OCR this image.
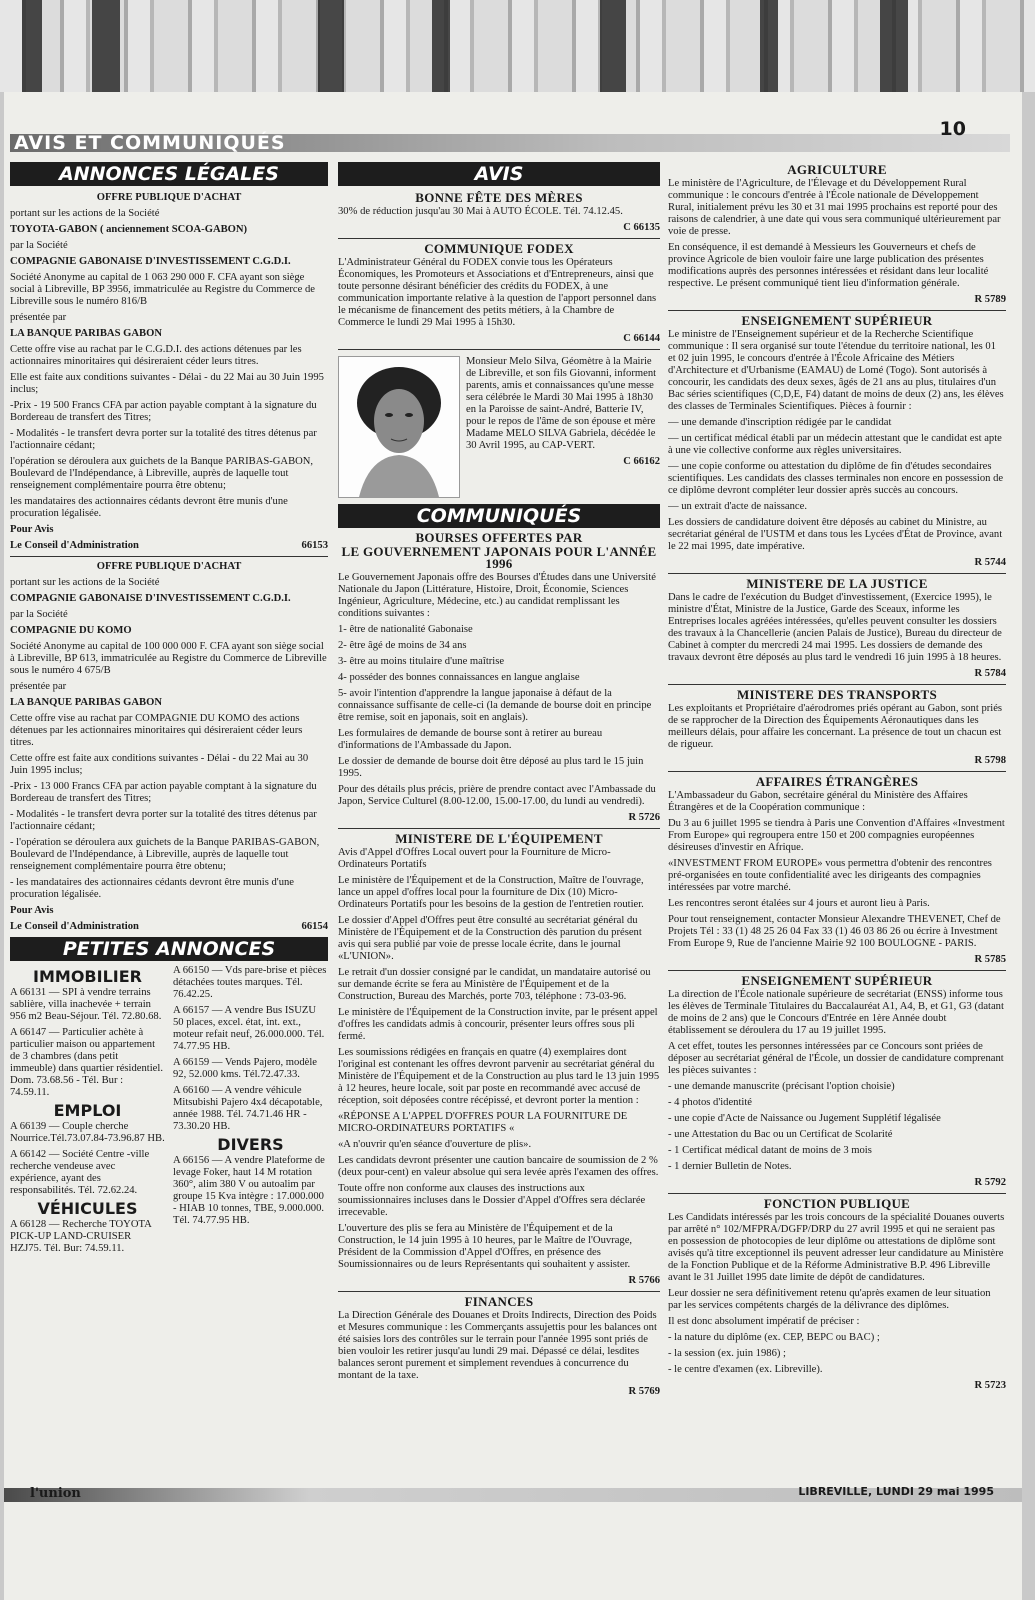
AVIS ET COMMUNIQUÉS
10
ANNONCES LÉGALES
OFFRE PUBLIQUE D'ACHAT

portant sur les actions de la Société

TOYOTA-GABON ( anciennement SCOA-GABON)

par la Société

COMPAGNIE GABONAISE D'INVESTISSEMENT C.G.D.I.

Société Anonyme au capital de 1 063 290 000 F. CFA ayant son siège social à Libreville, BP 3956, immatriculée au Registre du Commerce de Libreville sous le numéro 816/B

présentée par

LA BANQUE PARIBAS GABON

Cette offre vise au rachat par le C.G.D.I. des actions détenues par les actionnaires minoritaires qui désireraient céder leurs titres.

Elle est faite aux conditions suivantes - Délai - du 22 Mai au 30 Juin 1995 inclus;

-Prix - 19 500 Francs CFA par action payable comptant à la signature du Bordereau de transfert des Titres;

- Modalités - le transfert devra porter sur la totalité des titres détenus par l'actionnaire cédant;

l'opération se déroulera aux guichets de la Banque PARIBAS-GABON, Boulevard de l'Indépendance, à Libreville, auprès de laquelle tout renseignement complémentaire pourra être obtenu;

les mandataires des actionnaires cédants devront être munis d'une procuration légalisée.

Pour Avis

Le Conseil d'Administration	66153
OFFRE PUBLIQUE D'ACHAT

portant sur les actions de la Société

COMPAGNIE GABONAISE D'INVESTISSEMENT C.G.D.I.

par la Société

COMPAGNIE DU KOMO

Société Anonyme au capital de 100 000 000 F. CFA ayant son siège social à Libreville, BP 613, immatriculée au Registre du Commerce de Libreville sous le numéro 4 675/B

présentée par

LA BANQUE PARIBAS GABON

Cette offre vise au rachat par COMPAGNIE DU KOMO des actions détenues par les actionnaires minoritaires qui désireraient céder leurs titres.

Cette offre est faite aux conditions suivantes - Délai - du 22 Mai au 30 Juin 1995 inclus;

-Prix - 13 000 Francs CFA par action payable comptant à la signature du Bordereau de transfert des Titres;

- Modalités - le transfert devra porter sur la totalité des titres détenus par l'actionnaire cédant;

- l'opération se déroulera aux guichets de la Banque PARIBAS-GABON, Boulevard de l'Indépendance, à Libreville, auprès de laquelle tout renseignement complémentaire pourra être obtenu;

- les mandataires des actionnaires cédants devront être munis d'une procuration légalisée.

Pour Avis

Le Conseil d'Administration	66154
PETITES ANNONCES
IMMOBILIER

A 66131 — SPI à vendre terrains sablière, villa inachevée + terrain 956 m2 Beau-Séjour. Tél. 72.80.68.

A 66147 — Particulier achète à particulier maison ou appartement de 3 chambres (dans petit immeuble) dans quartier résidentiel. Dom. 73.68.56 - Tél. Bur : 74.59.11.

EMPLOI

A 66139 — Couple cherche Nourrice.Tél.73.07.84-73.96.87 HB.

A 66142 — Société Centre -ville recherche vendeuse avec expérience, ayant des responsabilités. Tél. 72.62.24.

VÉHICULES

A 66128 — Recherche TOYOTA PICK-UP LAND-CRUISER HZJ75. Tél. Bur: 74.59.11.

A 66150 — Vds pare-brise et pièces détachées toutes marques. Tél. 76.42.25.

A 66157 — A vendre Bus ISUZU 50 places, excel. état, int. ext., moteur refait neuf, 26.000.000. Tél. 74.77.95 HB.

A 66159 — Vends Pajero, modèle 92, 52.000 kms. Tél.72.47.33.

A 66160 — A vendre véhicule Mitsubishi Pajero 4x4 décapotable, année 1988. Tél. 74.71.46 HR - 73.30.20 HB.

DIVERS

A 66156 — A vendre Plateforme de levage Foker, haut 14 M rotation 360°, alim 380 V ou autoalim par groupe 15 Kva intègre : 17.000.000 - HIAB 10 tonnes, TBE, 9.000.000. Tél. 74.77.95 HB.

AVIS
BONNE FÊTE DES MÈRES

30% de réduction jusqu'au 30 Mai à AUTO ÉCOLE. Tél. 74.12.45.

C 66135
COMMUNIQUE FODEX

L'Administrateur Général du FODEX convie tous les Opérateurs Économiques, les Promoteurs et Associations et d'Entrepreneurs, ainsi que toute personne désirant bénéficier des crédits du FODEX, à une communication importante relative à la question de l'apport personnel dans le mécanisme de financement des petits métiers, à la Chambre de Commerce le lundi 29 Mai 1995 à 15h30.

C 66144

Monsieur Melo Silva, Géomètre à la Mairie de Libreville, et son fils Giovanni, informent parents, amis et connaissances qu'une messe sera célébrée le Mardi 30 Mai 1995 à 18h30 en la Paroisse de saint-André, Batterie IV, pour le repos de l'âme de son épouse et mère Madame MELO SILVA Gabriela, décédée le 30 Avril 1995, au CAP-VERT.

C 66162
COMMUNIQUÉS
BOURSES OFFERTES PAR
LE GOUVERNEMENT JAPONAIS POUR L'ANNÉE 1996

Le Gouvernement Japonais offre des Bourses d'Études dans une Université Nationale du Japon (Littérature, Histoire, Droit, Économie, Sciences Ingénieur, Agriculture, Médecine, etc.) au candidat remplissant les conditions suivantes :

1- être de nationalité Gabonaise

2- être âgé de moins de 34 ans

3- être au moins titulaire d'une maîtrise

4- posséder des bonnes connaissances en langue anglaise

5- avoir l'intention d'apprendre la langue japonaise à défaut de la connaissance suffisante de celle-ci (la demande de bourse doit en principe être remise, soit en japonais, soit en anglais).

Les formulaires de demande de bourse sont à retirer au bureau d'informations de l'Ambassade du Japon.

Le dossier de demande de bourse doit être déposé au plus tard le 15 juin 1995.

Pour des détails plus précis, prière de prendre contact avec l'Ambassade du Japon, Service Culturel (8.00-12.00, 15.00-17.00, du lundi au vendredi).

R 5726
MINISTERE DE L'ÉQUIPEMENT

Avis d'Appel d'Offres Local ouvert pour la Fourniture de Micro-Ordinateurs Portatifs

Le ministère de l'Équipement et de la Construction, Maître de l'ouvrage, lance un appel d'offres local pour la fourniture de Dix (10) Micro-Ordinateurs Portatifs pour les besoins de la gestion de l'entretien routier.

Le dossier d'Appel d'Offres peut être consulté au secrétariat général du Ministère de l'Équipement et de la Construction dès parution du présent avis qui sera publié par voie de presse locale écrite, dans le journal «L'UNION».

Le retrait d'un dossier consigné par le candidat, un mandataire autorisé ou sur demande écrite se fera au Ministère de l'Équipement et de la Construction, Bureau des Marchés, porte 703, téléphone : 73-03-96.

Le ministère de l'Équipement de la Construction invite, par le présent appel d'offres les candidats admis à concourir, présenter leurs offres sous pli fermé.

Les soumissions rédigées en français en quatre (4) exemplaires dont l'original est contenant les offres devront parvenir au secrétariat général du Ministère de l'Équipement et de la Construction au plus tard le 13 juin 1995 à 12 heures, heure locale, soit par poste en recommandé avec accusé de réception, soit déposées contre récépissé, et devront porter la mention :

«RÉPONSE A L'APPEL D'OFFRES POUR LA FOURNITURE DE MICRO-ORDINATEURS PORTATIFS «

«A n'ouvrir qu'en séance d'ouverture de plis».

Les candidats devront présenter une caution bancaire de soumission de 2 % (deux pour-cent) en valeur absolue qui sera levée après l'examen des offres.

Toute offre non conforme aux clauses des instructions aux soumissionnaires incluses dans le Dossier d'Appel d'Offres sera déclarée irrecevable.

L'ouverture des plis se fera au Ministère de l'Équipement et de la Construction, le 14 juin 1995 à 10 heures, par le Maître de l'Ouvrage, Président de la Commission d'Appel d'Offres, en présence des Soumissionnaires ou de leurs Représentants qui souhaitent y assister.

R 5766
FINANCES

La Direction Générale des Douanes et Droits Indirects, Direction des Poids et Mesures communique : les Commerçants assujettis pour les balances ont été saisies lors des contrôles sur le terrain pour l'année 1995 sont priés de bien vouloir les retirer jusqu'au lundi 29 mai. Dépassé ce délai, lesdites balances seront purement et simplement revendues à concurrence du montant de la taxe.

R 5769
AGRICULTURE

Le ministère de l'Agriculture, de l'Élevage et du Développement Rural communique : le concours d'entrée à l'École nationale de Développement Rural, initialement prévu les 30 et 31 mai 1995 prochains est reporté pour des raisons de calendrier, à une date qui vous sera communiqué ultérieurement par voie de presse.

En conséquence, il est demandé à Messieurs les Gouverneurs et chefs de province Agricole de bien vouloir faire une large publication des présentes modifications auprès des personnes intéressées et résidant dans leur localité respective. Le présent communiqué tient lieu d'information générale.

R 5789
ENSEIGNEMENT SUPÉRIEUR

Le ministre de l'Enseignement supérieur et de la Recherche Scientifique communique : Il sera organisé sur toute l'étendue du territoire national, les 01 et 02 juin 1995, le concours d'entrée à l'École Africaine des Métiers d'Architecture et d'Urbanisme (EAMAU) de Lomé (Togo). Sont autorisés à concourir, les candidats des deux sexes, âgés de 21 ans au plus, titulaires d'un Bac séries scientifiques (C,D,E, F4) datant de moins de deux (2) ans, les élèves des classes de Terminales Scientifiques. Pièces à fournir :

— une demande d'inscription rédigée par le candidat

— un certificat médical établi par un médecin attestant que le candidat est apte à une vie collective conforme aux règles universitaires.

— une copie conforme ou attestation du diplôme de fin d'études secondaires scientifiques. Les candidats des classes terminales non encore en possession de ce diplôme devront compléter leur dossier après succès au concours.

— un extrait d'acte de naissance.

Les dossiers de candidature doivent être déposés au cabinet du Ministre, au secrétariat général de l'USTM et dans tous les Lycées d'État de Province, avant le 22 mai 1995, date impérative.

R 5744
MINISTERE DE LA JUSTICE

Dans le cadre de l'exécution du Budget d'investissement, (Exercice 1995), le ministre d'État, Ministre de la Justice, Garde des Sceaux, informe les Entreprises locales agréées intéressées, qu'elles peuvent consulter les dossiers des travaux à la Chancellerie (ancien Palais de Justice), Bureau du directeur de Cabinet à compter du mercredi 24 mai 1995. Les dossiers de demande des travaux devront être déposés au plus tard le vendredi 16 juin 1995 à 18 heures.

R 5784
MINISTERE DES TRANSPORTS

Les exploitants et Propriétaire d'aérodromes priés opérant au Gabon, sont priés de se rapprocher de la Direction des Équipements Aéronautiques dans les meilleurs délais, pour affaire les concernant. La présence de tout un chacun est de rigueur.

R 5798
AFFAIRES ÉTRANGÈRES

L'Ambassadeur du Gabon, secrétaire général du Ministère des Affaires Étrangères et de la Coopération communique :

Du 3 au 6 juillet 1995 se tiendra à Paris une Convention d'Affaires «Investment From Europe» qui regroupera entre 150 et 200 compagnies européennes désireuses d'investir en Afrique.

«INVESTMENT FROM EUROPE» vous permettra d'obtenir des rencontres pré-organisées en toute confidentialité avec les dirigeants des compagnies intéressées par votre marché.

Les rencontres seront étalées sur 4 jours et auront lieu à Paris.

Pour tout renseignement, contacter Monsieur Alexandre THEVENET, Chef de Projets Tél : 33 (1) 48 25 26 04 Fax 33 (1) 46 03 86 26 ou écrire à Investment From Europe 9, Rue de l'ancienne Mairie 92 100 BOULOGNE - PARIS.

R 5785
ENSEIGNEMENT SUPÉRIEUR

La direction de l'École nationale supérieure de secrétariat (ENSS) informe tous les élèves de Terminale Titulaires du Baccalauréat A1, A4, B, et G1, G3 (datant de moins de 2 ans) que le Concours d'Entrée en 1ère Année doubt établissement se déroulera du 17 au 19 juillet 1995.

A cet effet, toutes les personnes intéressées par ce Concours sont priées de déposer au secrétariat général de l'École, un dossier de candidature comprenant les pièces suivantes :

- une demande manuscrite (précisant l'option choisie)

- 4 photos d'identité

- une copie d'Acte de Naissance ou Jugement Supplétif légalisée

- une Attestation du Bac ou un Certificat de Scolarité

- 1 Certificat médical datant de moins de 3 mois

- 1 dernier Bulletin de Notes.

R 5792
FONCTION PUBLIQUE

Les Candidats intéressés par les trois concours de la spécialité Douanes ouverts par arrêté n° 102/MFPRA/DGFP/DRP du 27 avril 1995 et qui ne seraient pas en possession de photocopies de leur diplôme ou attestations de diplôme sont avisés qu'à titre exceptionnel ils peuvent adresser leur candidature au Ministère de la Fonction Publique et de la Réforme Administrative B.P. 496 Libreville avant le 31 Juillet 1995 date limite de dépôt de candidatures.

Leur dossier ne sera définitivement retenu qu'après examen de leur situation par les services compétents chargés de la délivrance des diplômes.

Il est donc absolument impératif de préciser :

- la nature du diplôme (ex. CEP, BEPC ou BAC) ;

- la session (ex. juin 1986) ;

- le centre d'examen (ex. Libreville).

R 5723
l'union	LIBREVILLE, LUNDI 29 mai 1995
